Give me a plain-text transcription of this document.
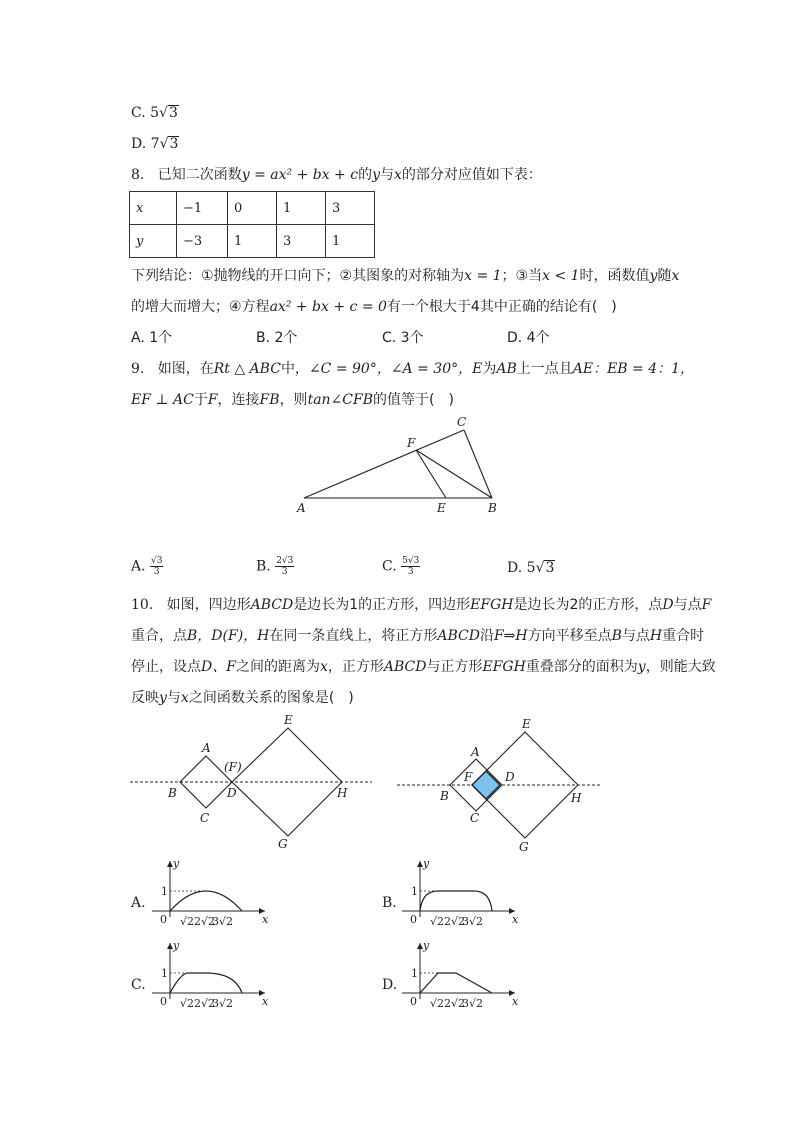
C. 5√3
D. 7√3
8. 已知二次函数y = ax² + bx + c的y与x的部分对应值如下表：
x	−1	0	1	3
y	−3	1	3	1
下列结论：①抛物线的开口向下；②其图象的对称轴为x = 1；③当x < 1时，函数值y随x
的增大而增大；④方程ax² + bx + c = 0有一个根大于4其中正确的结论有(　)
A. 1个	B. 2个	C. 3个	D. 4个
9. 如图，在Rt △ ABC中，∠C = 90°，∠A = 30°，E为AB上一点且AE：EB = 4：1，
EF ⊥ AC于F，连接FB，则tan∠CFB的值等于(　)
A	E	B
C
F
A. $\frac{√3}{3}$	B. $\frac{2√3}{3}$	C. $\frac{5√3}{3}$	D. 5√3
10. 如图，四边形ABCD是边长为1的正方形，四边形EFGH是边长为2的正方形，点D与点F
重合，点B，D(F)，H在同一条直线上，将正方形ABCD沿F⇒H方向平移至点B与点H重合时
停止，设点D、F之间的距离为x，正方形ABCD与正方形EFGH重叠部分的面积为y，则能大致
反映y与x之间函数关系的图象是(　)
A
B
C
D
(F)
E
G
H
A
F	D
B
C
E
G
H
A.	B.
C.	D.
y
x
0
1
√2 2√2
3√2
y
x
0
1
√2 2√2
3√2
y
x
0
1
√2 2√2
3√2
y
x
0
1
√2 2√2
3√2
